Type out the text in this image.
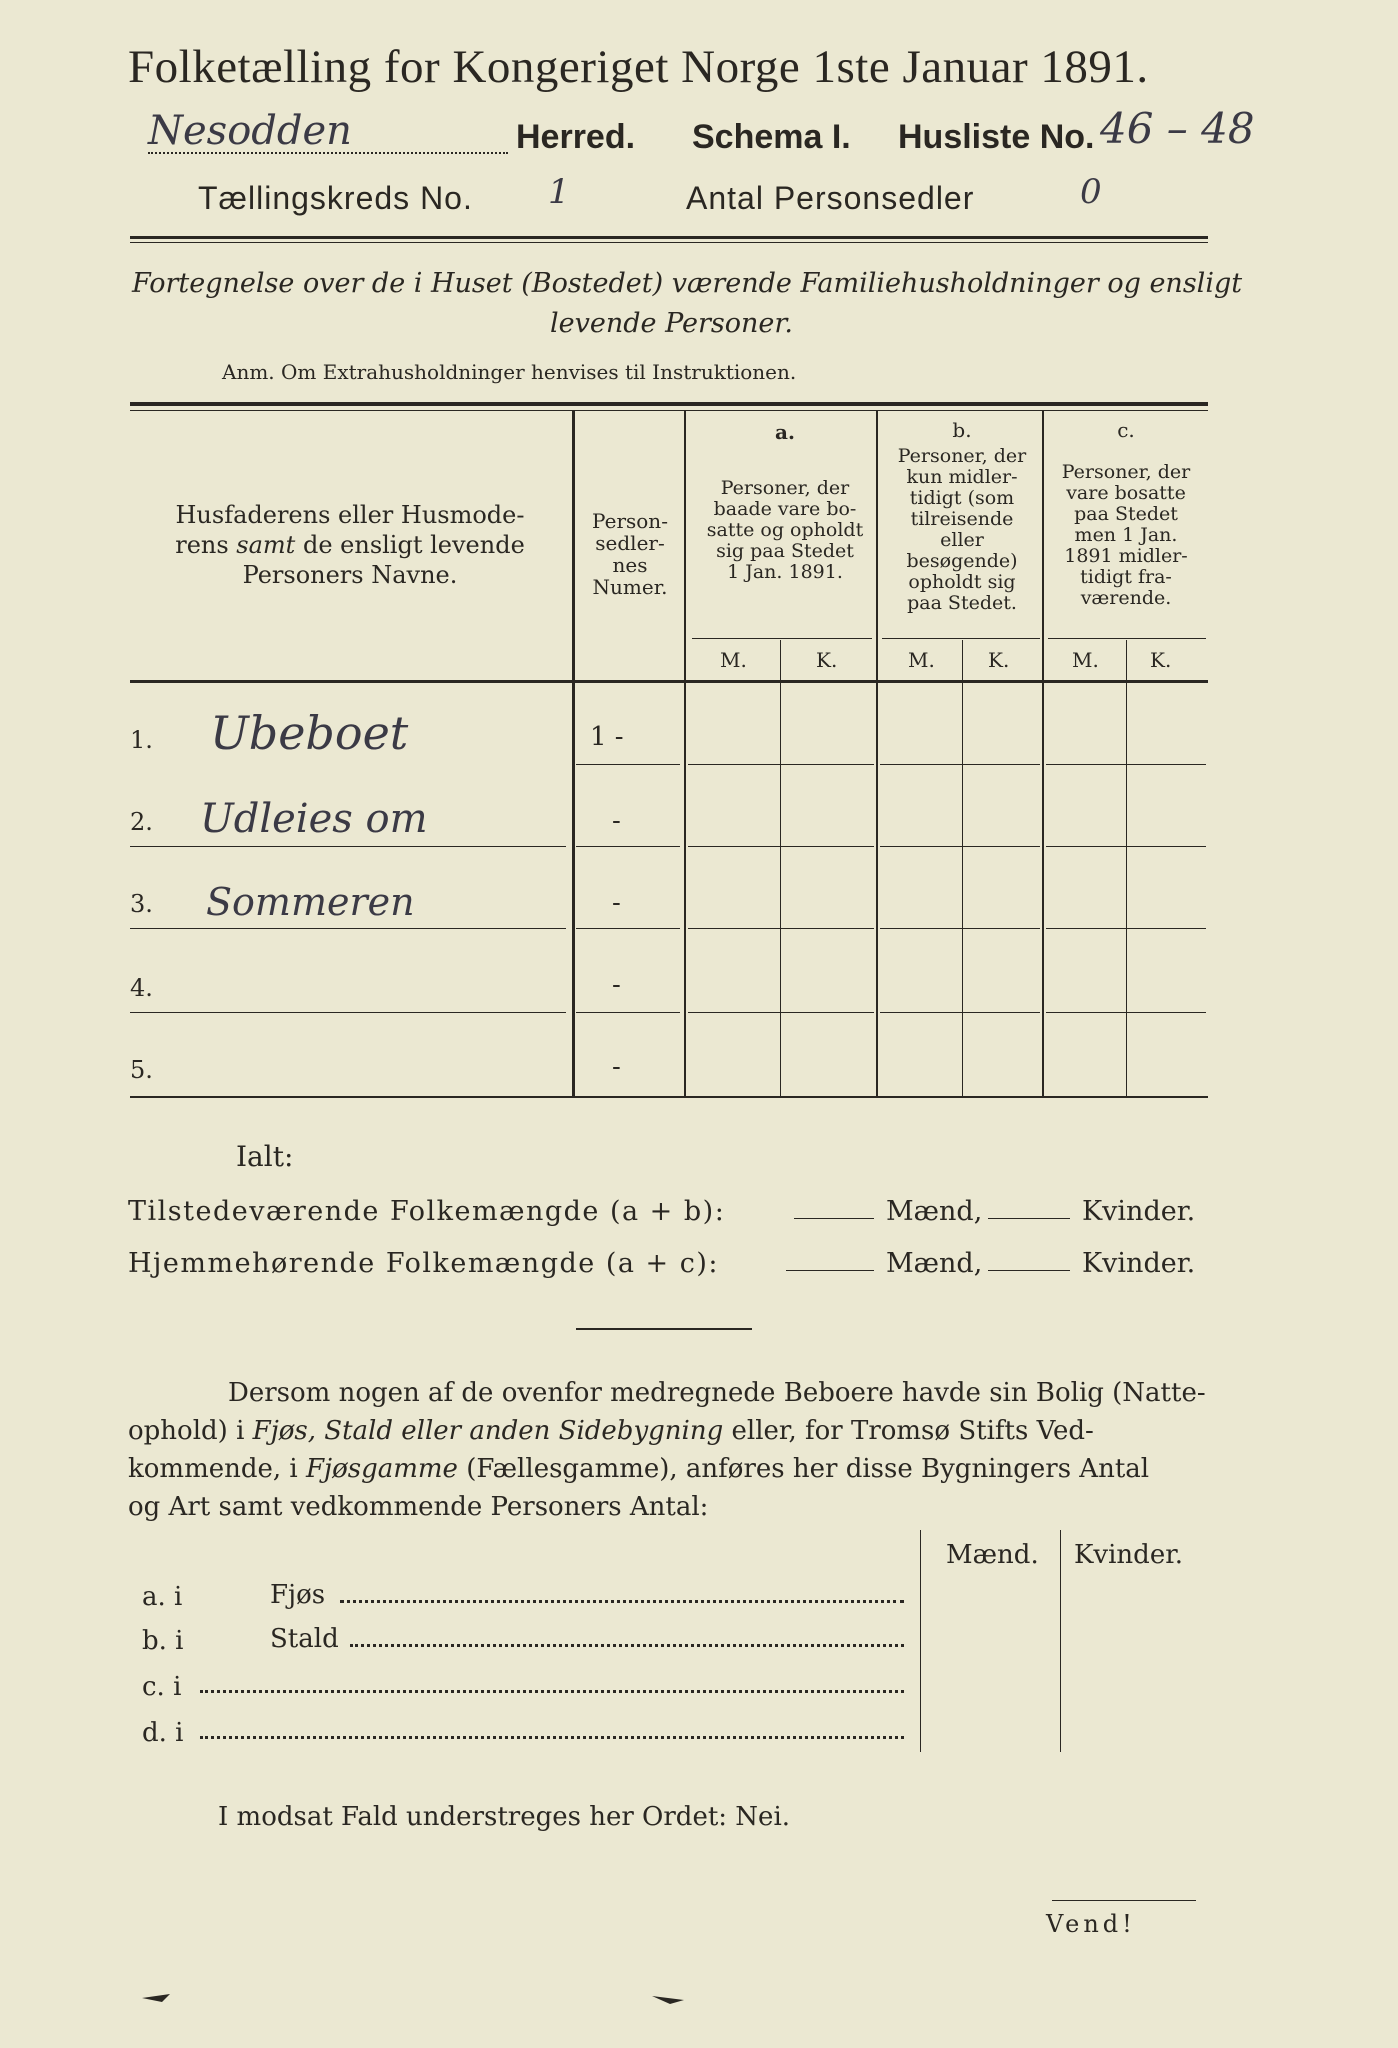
Folketælling for Kongeriget Norge 1ste Januar 1891.
Nesodden	Herred. Schema I. Husliste No. 46 – 48
Tællingskreds No. 1	Antal Personsedler	0
Fortegnelse over de i Huset (Bostedet) værende Familiehusholdninger og ensligt
levende Personer.
Anm. Om Extrahusholdninger henvises til Instruktionen.
Husfaderens eller Husmode-
rens samt de ensligt levende
Personers Navne.
Person-
sedler-
nes
Numer.
a.
Personer, der
baade vare bo-
satte og opholdt
sig paa Stedet
1 Jan. 1891.
b.
Personer, der
kun midler-
tidigt (som
tilreisende
eller
besøgende)
opholdt sig
paa Stedet.
c.
Personer, der
vare bosatte
paa Stedet
men 1 Jan.
1891 midler-
tidigt fra-
værende.
M.	K.	M.	K.	M.	K.
1. Ubeboet	1 -
2. Udleies om	-
3. Sommeren	-
4.	-
5.	-
Ialt:
Tilstedeværende Folkemængde (a + b):	Mænd,	Kvinder.
Hjemmehørende Folkemængde (a + c):	Mænd,	Kvinder.
Dersom nogen af de ovenfor medregnede Beboere havde sin Bolig (Natte-
ophold) i Fjøs, Stald eller anden Sidebygning eller, for Tromsø Stifts Ved-
kommende, i Fjøsgamme (Fællesgamme), anføres her disse Bygningers Antal
og Art samt vedkommende Personers Antal:
Mænd. Kvinder.
a. i	Fjøs
b. i	Stald
c. i
d. i
I modsat Fald understreges her Ordet: Nei.
Vend!
